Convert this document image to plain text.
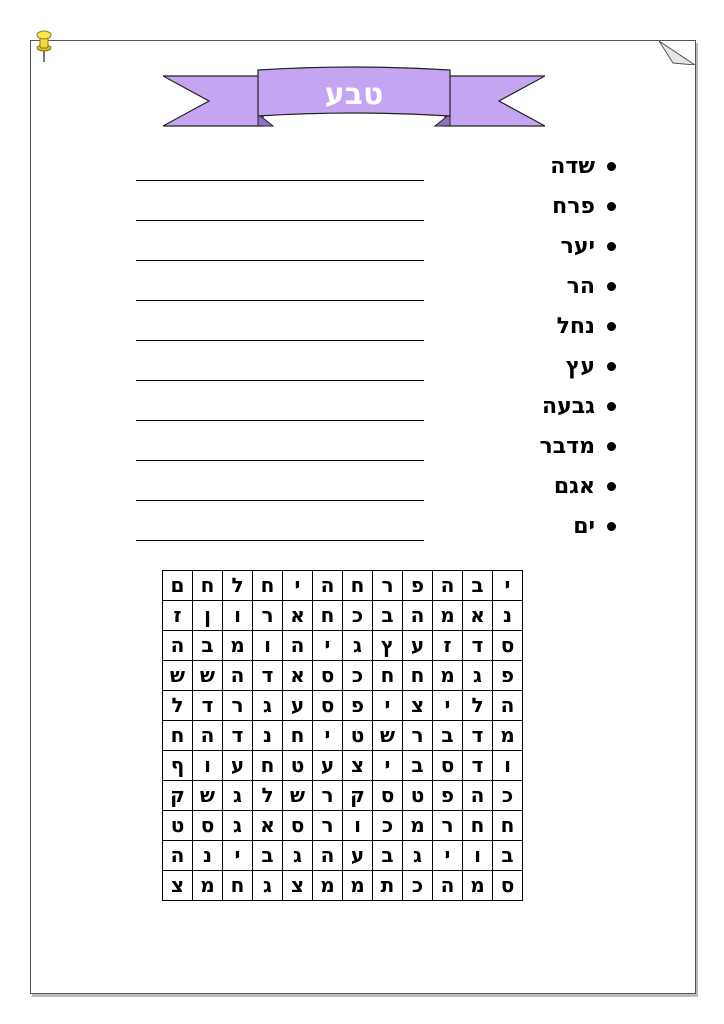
טבע
שדה
פרח
יער
הר
נחל
עץ
גבעה
מדבר
אגם
ים
י	ב	ה	פ	ר	ח	ה	י	ח	ל	ח	ם
נ	א	מ	ה	ב	כ	ח	א	ר	ו	ן	ז
ס	ד	ז	ע	ץ	ג	י	ה	ו	מ	ב	ה
פ	ג	מ	ח	ח	כ	ס	א	ד	ה	ש	ש
ה	ל	י	צ	י	פ	ס	ע	ג	ר	ד	ל
מ	ד	ב	ר	ש	ט	י	ח	נ	ד	ה	ח
ו	ד	ס	ב	י	צ	ע	ט	ח	ע	ו	ף
כ	ה	פ	ט	ס	ק	ר	ש	ל	ג	ש	ק
ח	ח	ר	מ	כ	ו	ר	ס	א	ג	ס	ט
ב	ו	י	ג	ב	ע	ה	ג	ב	י	נ	ה
ס	מ	ה	כ	ת	מ	מ	צ	ג	ח	מ	צ
